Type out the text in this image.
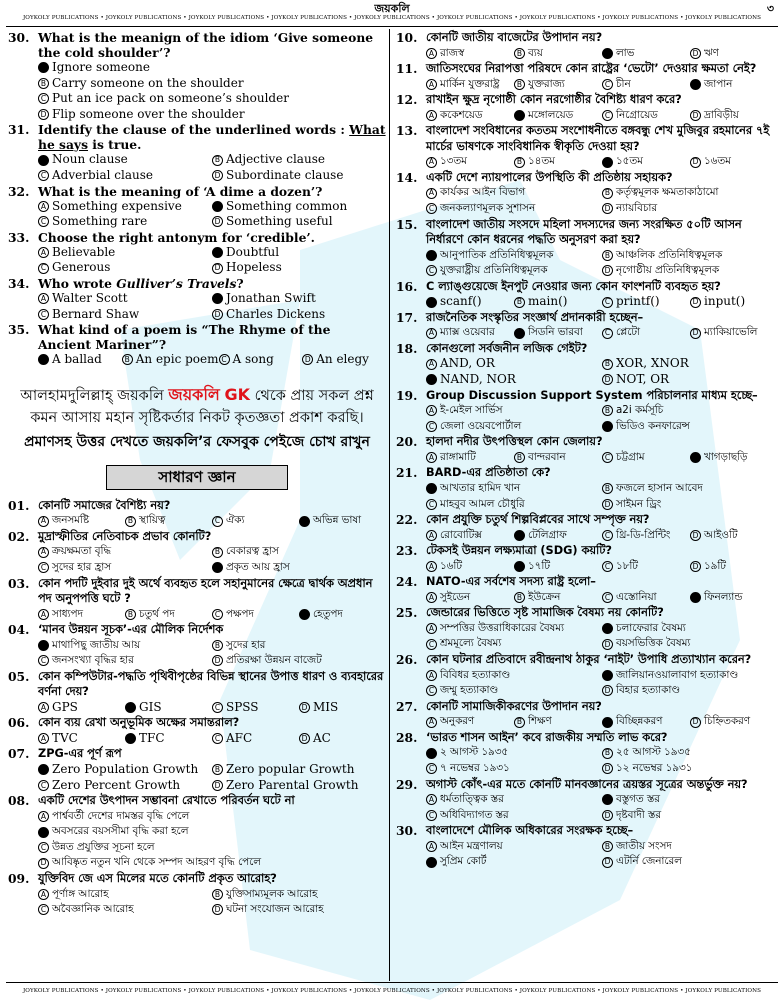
জয়কলি	৩
JOYKOLY PUBLICATIONS • JOYKOLY PUBLICATIONS • JOYKOLY PUBLICATIONS • JOYKOLY PUBLICATIONS • JOYKOLY PUBLICATIONS • JOYKOLY PUBLICATIONS • JOYKOLY PUBLICATIONS • JOYKOLY PUBLICATIONS • JOYKOLY PUBLICATIONS
JOYKOLY PUBLICATIONS • JOYKOLY PUBLICATIONS • JOYKOLY PUBLICATIONS • JOYKOLY PUBLICATIONS • JOYKOLY PUBLICATIONS • JOYKOLY PUBLICATIONS • JOYKOLY PUBLICATIONS • JOYKOLY PUBLICATIONS • JOYKOLY PUBLICATIONS
30. What is the meanign of the idiom ‘Give someone the cold shoulder’?
Ignore someone
B Carry someone on the shoulder
C Put an ice pack on someone’s shoulder
D Flip someone over the shoulder
31. Identify the clause of the underlined words : What he says is true.
Noun clause	B Adjective clause
C Adverbial clause	D Subordinate clause
32. What is the meaning of ‘A dime a dozen’?
A Something expensive	Something common
C Something rare	D Something useful
33. Choose the right antonym for ‘credible’.
A Believable	Doubtful
C Generous	D Hopeless
34. Who wrote Gulliver’s Travels?
A Walter Scott	Jonathan Swift
C Bernard Shaw	D Charles Dickens
35. What kind of a poem is “The Rhyme of the Ancient Mariner”?
A ballad	B An epic poem C A song	D An elegy
আলহামদুলিল্লাহ্‌ জয়কলি জয়কলি GK থেকে প্রায় সকল প্রশ্ন
কমন আসায় মহান সৃষ্টিকর্তার নিকট কৃতজ্ঞতা প্রকাশ করছি।
প্রমাণসহ উত্তর দেখতে জয়কলি’র ফেসবুক পেইজে চোখ রাখুন
সাধারণ জ্ঞান
01. কোনটি সমাজের বৈশিষ্ট্য নয়?
A জনসমষ্টি	B স্থায়িত্ব	C ঐক্য	অভিন্ন ভাষা
02. মুদ্রাস্ফীতির নেতিবাচক প্রভাব কোনটি?
A ক্রয়ক্ষমতা বৃদ্ধি	B বেকারত্ব হ্রাস
C সুদের হার হ্রাস	প্রকৃত আয় হ্রাস
03. কোন পদটি দুইবার দুই অর্থে ব্যবহৃত হলে সহানুমানের ক্ষেত্রে দ্বার্থক অপ্রধান পদ অনুপপত্তি ঘটে ?
A সাধ্যপদ	B চতুর্থ পদ	C পক্ষপদ	হেতুপদ
04. ‘মানব উন্নয়ন সূচক’-এর মৌলিক নির্দেশক
মাথাপিছু জাতীয় আয়	B সুদের হার
C জনসংখ্যা বৃদ্ধির হার	D প্রতিরক্ষা উন্নয়ন বাজেট
05. কোন কম্পিউটার-পদ্ধতি পৃথিবীপৃষ্ঠের বিভিন্ন স্থানের উপাত্ত ধারণ ও ব্যবহারের বর্ণনা দেয়?
A GPS	GIS	C SPSS	D MIS
06. কোন ব্যয় রেখা অনুভূমিক অক্ষের সমান্তরাল?
A TVC	TFC	C AFC	D AC
07. ZPG-এর পূর্ণ রূপ
Zero Population Growth	B Zero popular Growth
C Zero Percent Growth	D Zero Parental Growth
08. একটি দেশের উৎপাদন সম্ভাবনা রেখাতে পরিবর্তন ঘটে না
A পার্শ্ববর্তী দেশের দামস্তর বৃদ্ধি পেলে
অবসরের বয়সসীমা বৃদ্ধি করা হলে
C উন্নত প্রযুক্তির সূচনা হলে
D আবিষ্কৃত নতুন খনি থেকে সম্পদ আহরণ বৃদ্ধি পেলে
09. যুক্তিবিদ জে এস মিলের মতে কোনটি প্রকৃত আরোহ?
A পূর্ণাঙ্গ আরোহ	B যুক্তিসাম্যমূলক আরোহ
C অবৈজ্ঞানিক আরোহ	D ঘটনা সংযোজন আরোহ
10. কোনটি জাতীয় বাজেটের উপাদান নয়?
A রাজস্ব	B ব্যয়	লাভ	D ঋণ
11. জাতিসংঘের নিরাপত্তা পরিষদে কোন রাষ্ট্রের ‘ভেটো’ দেওয়ার ক্ষমতা নেই?
A মার্কিন যুক্তরাষ্ট্র	B যুক্তরাজ্য	C চীন	জাপান
12. রাখাইন ক্ষুদ্র নৃগোষ্ঠী কোন নরগোষ্ঠীর বৈশিষ্ট্য ধারণ করে?
A ককেশয়েড	মঙ্গোলয়েড	C নিগ্রোয়েড	D দ্রাবিড়ীয়
13. বাংলাদেশ সংবিধানের কততম সংশোধনীতে বঙ্গবন্ধু শেখ মুজিবুর রহমানের ৭ই মার্চের ভাষণকে সাংবিধানিক স্বীকৃতি দেওয়া হয়?
A ১৩তম	B ১৪তম	১৫তম	D ১৬তম
14. একটি দেশে ন্যায়পালের উপস্থিতি কী প্রতিষ্ঠায় সহায়ক?
A কার্যকর আইন বিভাগ	B কর্তৃত্বমূলক ক্ষমতাকাঠামো
C জনকল্যাণমূলক সুশাসন	D ন্যায়বিচার
15. বাংলাদেশ জাতীয় সংসদে মহিলা সদস্যদের জন্য সংরক্ষিত ৫০টি আসন নির্ধারণে কোন ধরনের পদ্ধতি অনুসরণ করা হয়?
আনুপাতিক প্রতিনিধিত্বমূলক	B আঞ্চলিক প্রতিনিধিত্বমূলক
C যুক্তরাষ্ট্রীয় প্রতিনিধিত্বমূলক	D নৃগোষ্ঠীয় প্রতিনিধিত্বমূলক
16. C ল্যাঙ্গুয়েজে ইনপুট নেওয়ার জন্য কোন ফাংশনটি ব্যবহৃত হয়?
scanf()	B main()	C printf()	D input()
17. রাজনৈতিক সংস্কৃতির সংজ্ঞার্থ প্রদানকারী হচ্ছেন–
A ম্যাক্স ওয়েবার	সিডনি ভারবা	C প্লেটো	D ম্যাকিয়াভেলি
18. কোনগুলো সর্বজনীন লজিক গেইট?
A AND, OR	B XOR, XNOR
NAND, NOR	D NOT, OR
19. Group Discussion Support System পরিচালনার মাধ্যম হচ্ছে–
A ই-মেইল সার্ভিস	B a2i কর্মসূচি
C জেলা ওয়েবপোর্টাল	ভিডিও কনফারেন্স
20. হালদা নদীর উৎপত্তিস্থল কোন জেলায়?
A রাঙ্গামাটি	B বান্দরবান	C চট্টগ্রাম	খাগড়াছড়ি
21. BARD-এর প্রতিষ্ঠাতা কে?
আখতার হামিদ খান	B ফজলে হাসান আবেদ
C মাহবুব আমল চৌধুরি	D সাইমন ড্রিং
22. কোন প্রযুক্তি চতুর্থ শিল্পবিপ্লবের সাথে সম্পৃক্ত নয়?
A রোবোটিক্স	টেলিগ্রাফ	C থ্রি-ডি-প্রিন্টিং	D আইওটি
23. টেকসই উন্নয়ন লক্ষ্যমাত্রা (SDG) কয়টি?
A ১৬টি	১৭টি	C ১৮টি	D ১৯টি
24. NATO-এর সর্বশেষ সদস্য রাষ্ট্র হলো–
A সুইডেন	B ইউক্রেন	C এস্তোনিয়া	ফিনল্যান্ড
25. জেন্ডারের ভিত্তিতে সৃষ্ট সামাজিক বৈষম্য নয় কোনটি?
A সম্পত্তির উত্তরাধিকারের বৈষম্য	চলাফেরার বৈষম্য
C শ্রমমূল্যে বৈষম্য	D বয়সভিত্তিক বৈষম্য
26. কোন ঘটনার প্রতিবাদে রবীন্দ্রনাথ ঠাকুর ‘নাইট’ উপাধি প্রত্যাখ্যান করেন?
A বিবিধর হত্যাকাণ্ড	জালিয়ানওয়ালাবাগ হত্যাকাণ্ড
C জম্মু হত্যাকাণ্ড	D বিহার হত্যাকাণ্ড
27. কোনটি সামাজিকীকরণের উপাদান নয়?
A অনুকরণ	B শিক্ষণ	বিচ্ছিন্নকরণ	D চিহ্নিতকরণ
28. ‘ভারত শাসন আইন’ কবে রাজকীয় সম্মতি লাভ করে?
২ আগস্ট ১৯৩৫	B ২৫ আগস্ট ১৯৩৫
C ৭ নভেম্বর ১৯৩১	D ১২ নভেম্বর ১৯৩১
29. অগাস্ট কোঁৎ-এর মতে কোনটি মানবজ্ঞানের ত্রয়স্তর সূত্রের অন্তর্ভুক্ত নয়?
A ধর্মতাত্ত্বিক স্তর	বস্তুগত স্তর
C অধিবিদ্যাগত স্তর	D দৃষ্টবাদী স্তর
30. বাংলাদেশে মৌলিক অধিকারের সংরক্ষক হচ্ছে–
A আইন মন্ত্রণালয়	B জাতীয় সংসদ
সুপ্রিম কোর্ট	D এটর্নি জেনারেল
